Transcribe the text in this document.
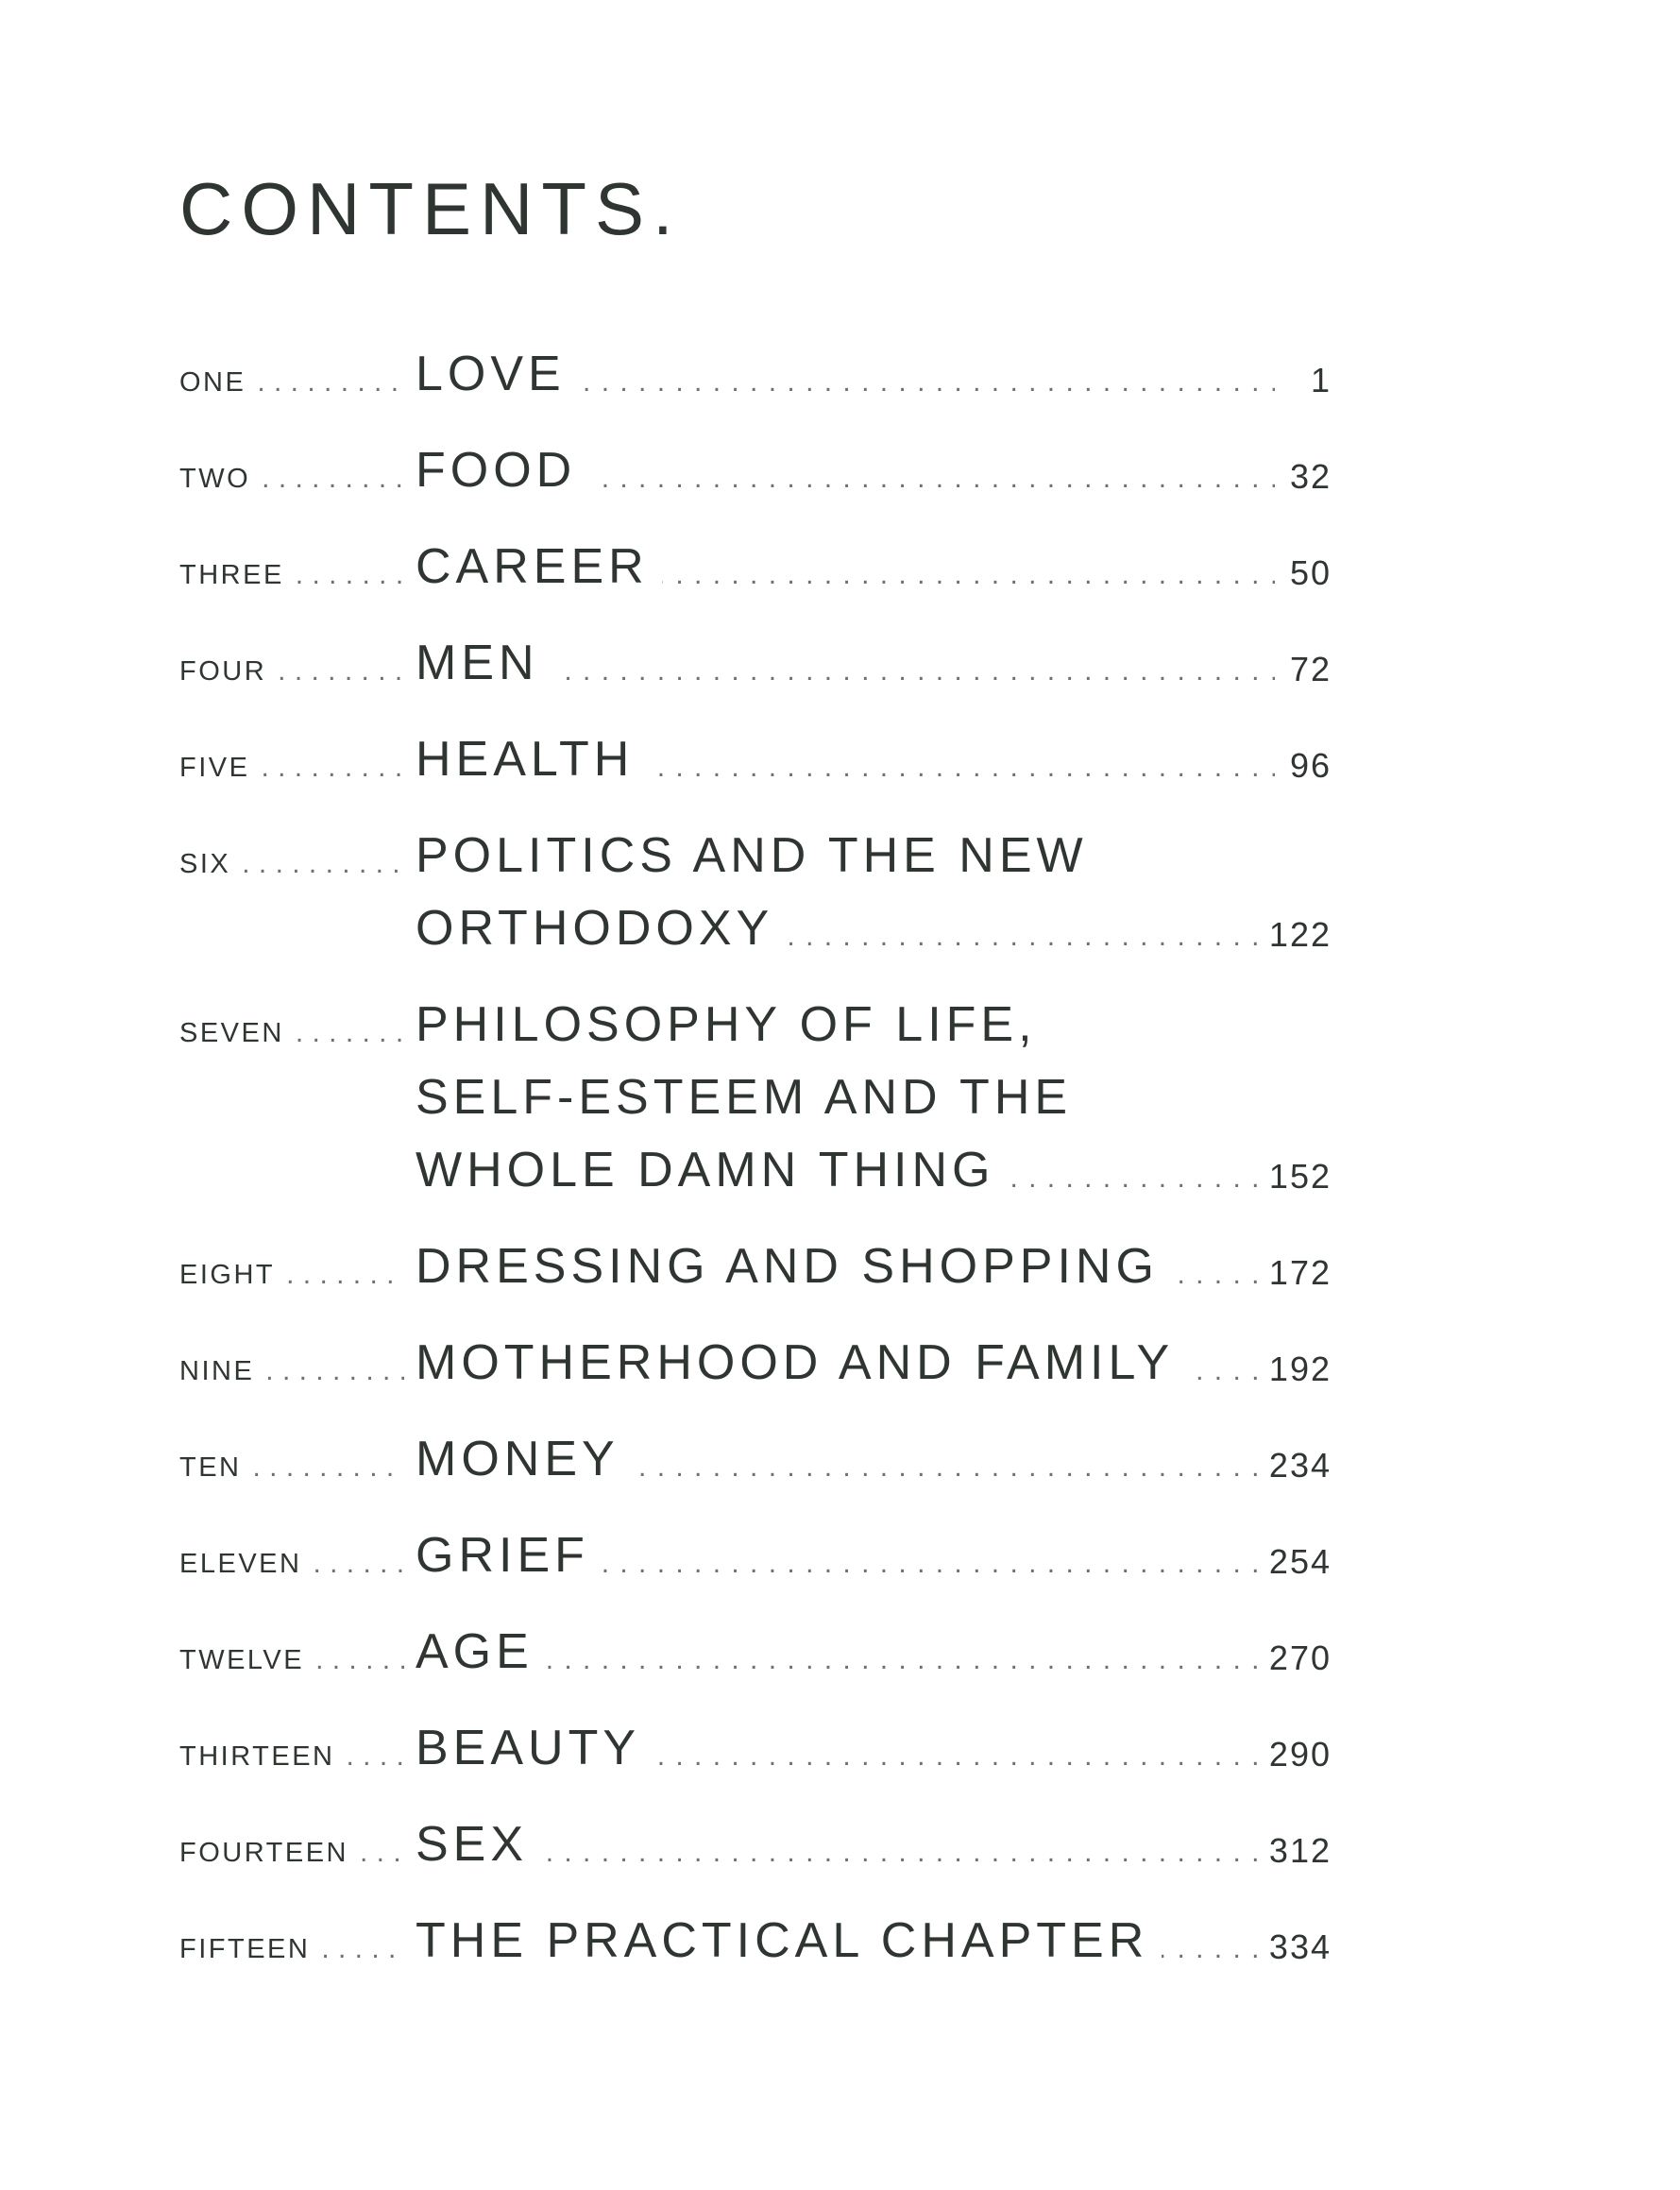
CONTENTS.
ONE . . . . . .	LOVE	1
TWO . . . . . .	FOOD	32
THREE . . . . . .	CAREER	50
FOUR . . . . . .	MEN	72
FIVE . . . . . .	HEALTH	96
SIX . . .	POLITICS AND THE NEW
. . .
ORTHODOXY	122
SEVEN . . .	PHILOSOPHY OF LIFE,
SELF-ESTEEM AND THE
. . .
WHOLE DAMN THING	152
EIGHT . . . . . .	DRESSING AND SHOPPING	172
NINE . . . . . .	MOTHERHOOD AND FAMILY	192
TEN . . . . . .	MONEY	234
ELEVEN . . . . . . GRIEF	254
TWELVE . . . . . . AGE	270
THIRTEEN . . . . . . BEAUTY	290
FOURTEEN . . . . . . SEX	312
FIFTEEN . . . . . . THE PRACTICAL CHAPTER	334
